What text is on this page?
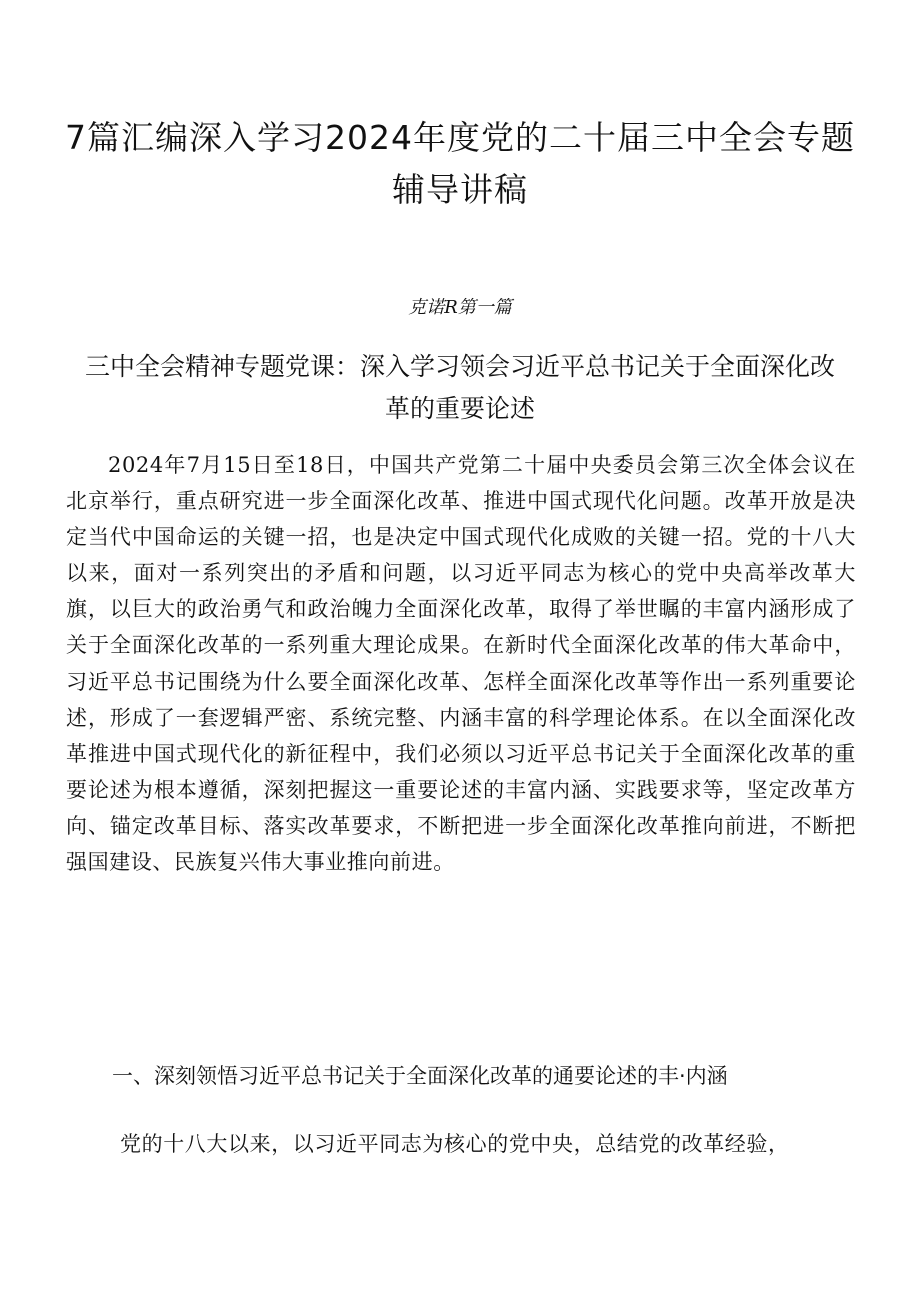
7篇汇编深入学习2024年度党的二十届三中全会专题辅导讲稿
克诺R第一篇
三中全会精神专题党课：深入学习领会习近平总书记关于全面深化改革的重要论述

2024年7月15日至18日，中国共产党第二十届中央委员会第三次全体会议在北京举行，重点研究进一步全面深化改革、推进中国式现代化问题。改革开放是决定当代中国命运的关键一招，也是决定中国式现代化成败的关键一招。党的十八大以来，面对一系列突出的矛盾和问题，以习近平同志为核心的党中央高举改革大旗，以巨大的政治勇气和政治魄力全面深化改革，取得了举世瞩的丰富内涵形成了关于全面深化改革的一系列重大理论成果。在新时代全面深化改革的伟大革命中，习近平总书记围绕为什么要全面深化改革、怎样全面深化改革等作出一系列重要论述，形成了一套逻辑严密、系统完整、内涵丰富的科学理论体系。在以全面深化改革推进中国式现代化的新征程中，我们必须以习近平总书记关于全面深化改革的重要论述为根本遵循，深刻把握这一重要论述的丰富内涵、实践要求等，坚定改革方向、锚定改革目标、落实改革要求，不断把进一步全面深化改革推向前进，不断把强国建设、民族复兴伟大事业推向前进。

一、深刻领悟习近平总书记关于全面深化改革的通要论述的丰·内涵

党的十八大以来，以习近平同志为核心的党中央，总结党的改革经验，
